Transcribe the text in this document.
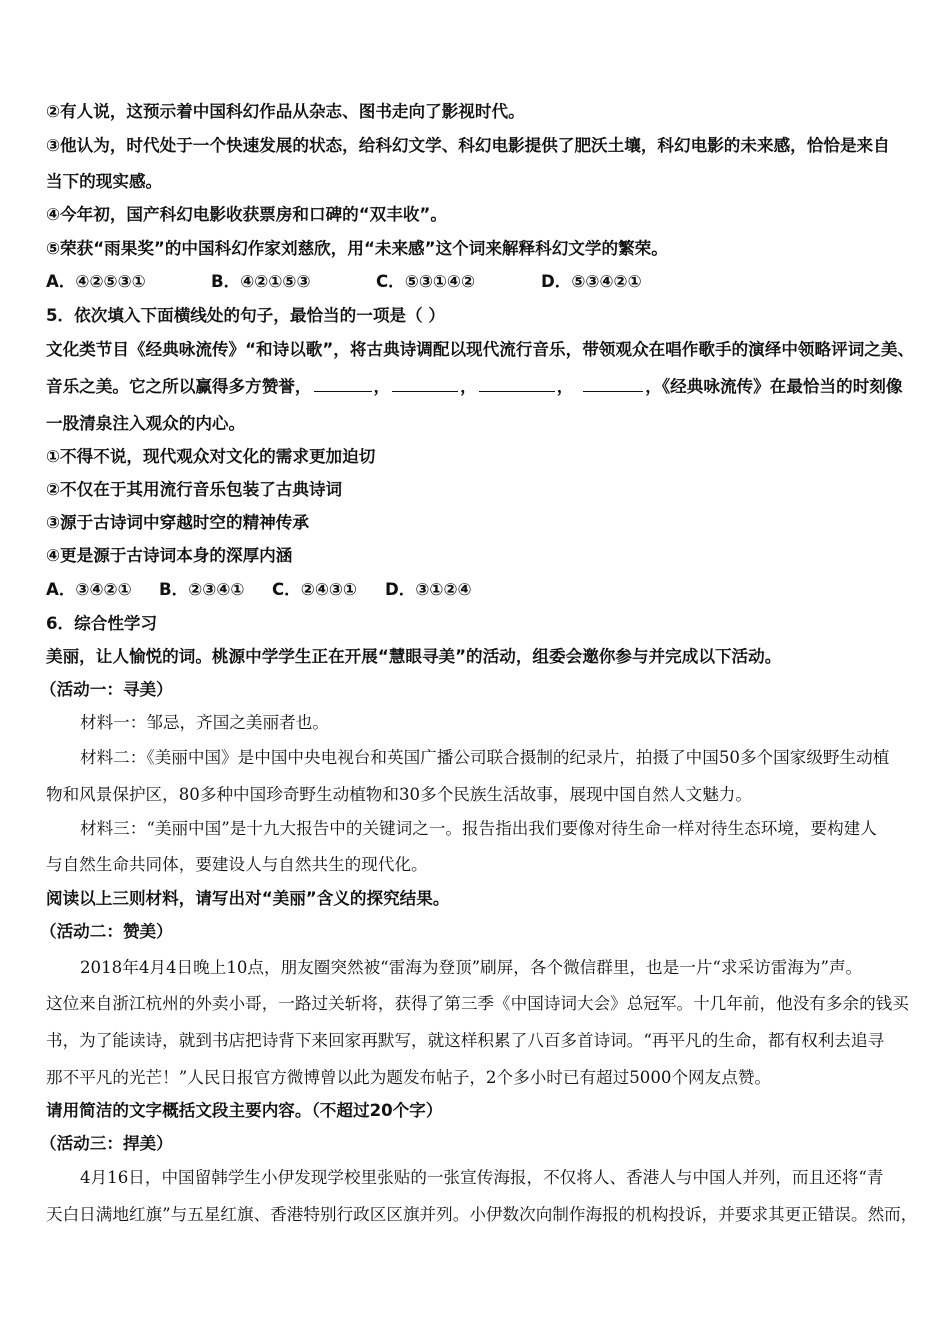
②有人说，这预示着中国科幻作品从杂志、图书走向了影视时代。
③他认为，时代处于一个快速发展的状态，给科幻文学、科幻电影提供了肥沃土壤，科幻电影的未来感，恰恰是来自
当下的现实感。
④今年初，国产科幻电影收获票房和口碑的“双丰收”。
⑤荣获“雨果奖”的中国科幻作家刘慈欣，用“未来感”这个词来解释科幻文学的繁荣。
A．④②⑤③①	B．④②①⑤③	C．⑤③①④②	D．⑤③④②①
5．依次填入下面横线处的句子，最恰当的一项是（ ）
文化类节目《经典咏流传》“和诗以歌”，将古典诗调配以现代流行音乐，带领观众在唱作歌手的演绎中领略评词之美、
音乐之美。它之所以赢得多方赞誉，	，	，	，	，《经典咏流传》在最恰当的时刻像
一股清泉注入观众的内心。
①不得不说，现代观众对文化的需求更加迫切
②不仅在于其用流行音乐包装了古典诗词
③源于古诗词中穿越时空的精神传承
④更是源于古诗词本身的深厚内涵
A．③④②① B．②③④① C．②④③① D．③①②④
6．综合性学习
美丽，让人愉悦的词。桃源中学学生正在开展“慧眼寻美”的活动，组委会邀你参与并完成以下活动。
（活动一：寻美）
材料一：邹忌，齐国之美丽者也。
材料二：《美丽中国》是中国中央电视台和英国广播公司联合摄制的纪录片，拍摄了中国50多个国家级野生动植
物和风景保护区，80多种中国珍奇野生动植物和30多个民族生活故事，展现中国自然人文魅力。
材料三：“美丽中国”是十九大报告中的关键词之一。报告指出我们要像对待生命一样对待生态环境，要构建人
与自然生命共同体，要建设人与自然共生的现代化。
阅读以上三则材料，请写出对“美丽”含义的探究结果。
（活动二：赞美）
2018年4月4日晚上10点，朋友圈突然被“雷海为登顶”刷屏，各个微信群里，也是一片“求采访雷海为”声。
这位来自浙江杭州的外卖小哥，一路过关斩将，获得了第三季《中国诗词大会》总冠军。十几年前，他没有多余的钱买
书，为了能读诗，就到书店把诗背下来回家再默写，就这样积累了八百多首诗词。“再平凡的生命，都有权利去追寻
那不平凡的光芒！”人民日报官方微博曾以此为题发布帖子，2个多小时已有超过5000个网友点赞。
请用简洁的文字概括文段主要内容。（不超过20个字）
（活动三：捍美）
4月16日，中国留韩学生小伊发现学校里张贴的一张宣传海报，不仅将人、香港人与中国人并列，而且还将“青
天白日满地红旗”与五星红旗、香港特别行政区区旗并列。小伊数次向制作海报的机构投诉，并要求其更正错误。然而，
